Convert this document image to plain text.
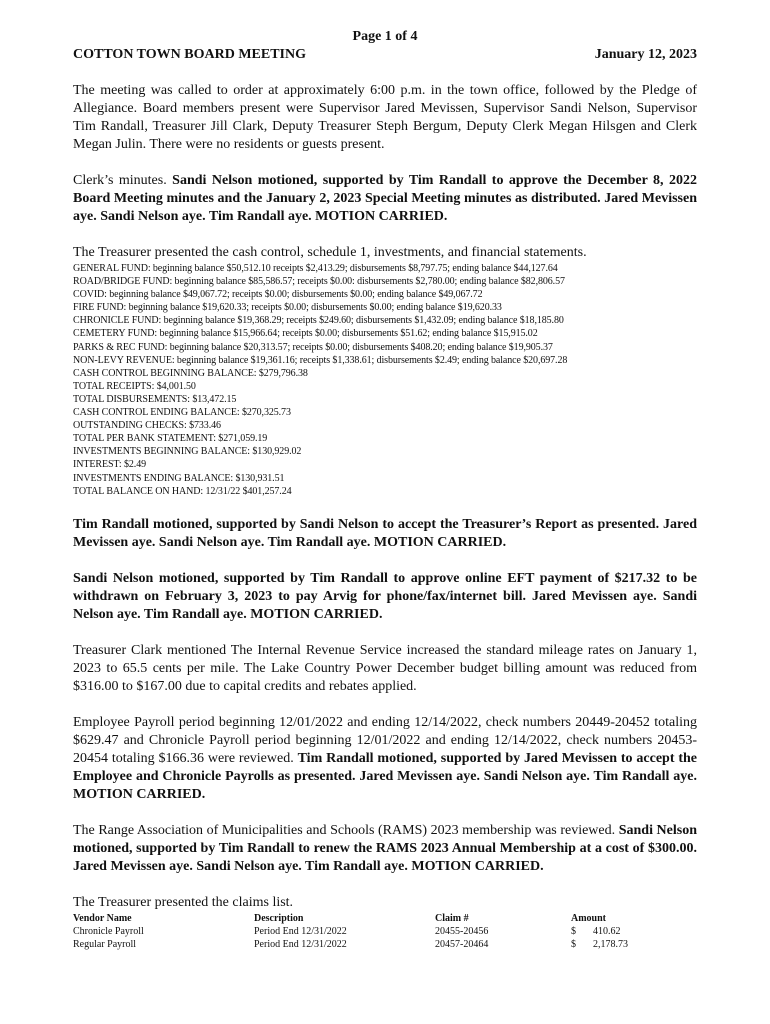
Page 1 of 4
COTTON TOWN BOARD MEETING	January 12, 2023

The meeting was called to order at approximately 6:00 p.m. in the town office, followed by the Pledge of Allegiance. Board members present were Supervisor Jared Mevissen, Supervisor Sandi Nelson, Supervisor Tim Randall, Treasurer Jill Clark, Deputy Treasurer Steph Bergum, Deputy Clerk Megan Hilsgen and Clerk Megan Julin. There were no residents or guests present.

Clerk’s minutes. Sandi Nelson motioned, supported by Tim Randall to approve the December 8, 2022 Board Meeting minutes and the January 2, 2023 Special Meeting minutes as distributed. Jared Mevissen aye. Sandi Nelson aye. Tim Randall aye. MOTION CARRIED.

The Treasurer presented the cash control, schedule 1, investments, and financial statements.

GENERAL FUND: beginning balance $50,512.10 receipts $2,413.29; disbursements $8,797.75; ending balance $44,127.64
ROAD/BRIDGE FUND: beginning balance $85,586.57; receipts $0.00: disbursements $2,780.00; ending balance $82,806.57
COVID: beginning balance $49,067.72; receipts $0.00; disbursements $0.00; ending balance $49,067.72
FIRE FUND: beginning balance $19,620.33; receipts $0.00; disbursements $0.00; ending balance $19,620.33
CHRONICLE FUND: beginning balance $19,368.29; receipts $249.60; disbursements $1,432.09; ending balance $18,185.80
CEMETERY FUND: beginning balance $15,966.64; receipts $0.00; disbursements $51.62; ending balance $15,915.02
PARKS & REC FUND: beginning balance $20,313.57; receipts $0.00; disbursements $408.20; ending balance $19,905.37
NON-LEVY REVENUE: beginning balance $19,361.16; receipts $1,338.61; disbursements $2.49; ending balance $20,697.28
CASH CONTROL BEGINNING BALANCE: $279,796.38
TOTAL RECEIPTS: $4,001.50
TOTAL DISBURSEMENTS: $13,472.15
CASH CONTROL ENDING BALANCE: $270,325.73
OUTSTANDING CHECKS: $733.46
TOTAL PER BANK STATEMENT: $271,059.19
INVESTMENTS BEGINNING BALANCE: $130,929.02
INTEREST: $2.49
INVESTMENTS ENDING BALANCE: $130,931.51
TOTAL BALANCE ON HAND: 12/31/22 $401,257.24

Tim Randall motioned, supported by Sandi Nelson to accept the Treasurer’s Report as presented. Jared Mevissen aye. Sandi Nelson aye. Tim Randall aye. MOTION CARRIED.

Sandi Nelson motioned, supported by Tim Randall to approve online EFT payment of $217.32 to be withdrawn on February 3, 2023 to pay Arvig for phone/fax/internet bill. Jared Mevissen aye. Sandi Nelson aye. Tim Randall aye. MOTION CARRIED.

Treasurer Clark mentioned The Internal Revenue Service increased the standard mileage rates on January 1, 2023 to 65.5 cents per mile. The Lake Country Power December budget billing amount was reduced from $316.00 to $167.00 due to capital credits and rebates applied.

Employee Payroll period beginning 12/01/2022 and ending 12/14/2022, check numbers 20449-20452 totaling $629.47 and Chronicle Payroll period beginning 12/01/2022 and ending 12/14/2022, check numbers 20453-20454 totaling $166.36 were reviewed. Tim Randall motioned, supported by Jared Mevissen to accept the Employee and Chronicle Payrolls as presented. Jared Mevissen aye. Sandi Nelson aye. Tim Randall aye. MOTION CARRIED.

The Range Association of Municipalities and Schools (RAMS) 2023 membership was reviewed. Sandi Nelson motioned, supported by Tim Randall to renew the RAMS 2023 Annual Membership at a cost of $300.00. Jared Mevissen aye. Sandi Nelson aye. Tim Randall aye. MOTION CARRIED.

The Treasurer presented the claims list.

Vendor Name	Description	Claim #	Amount
Chronicle Payroll	Period End 12/31/2022	20455-20456	$	410.62
Regular Payroll	Period End 12/31/2022	20457-20464	$	2,178.73
